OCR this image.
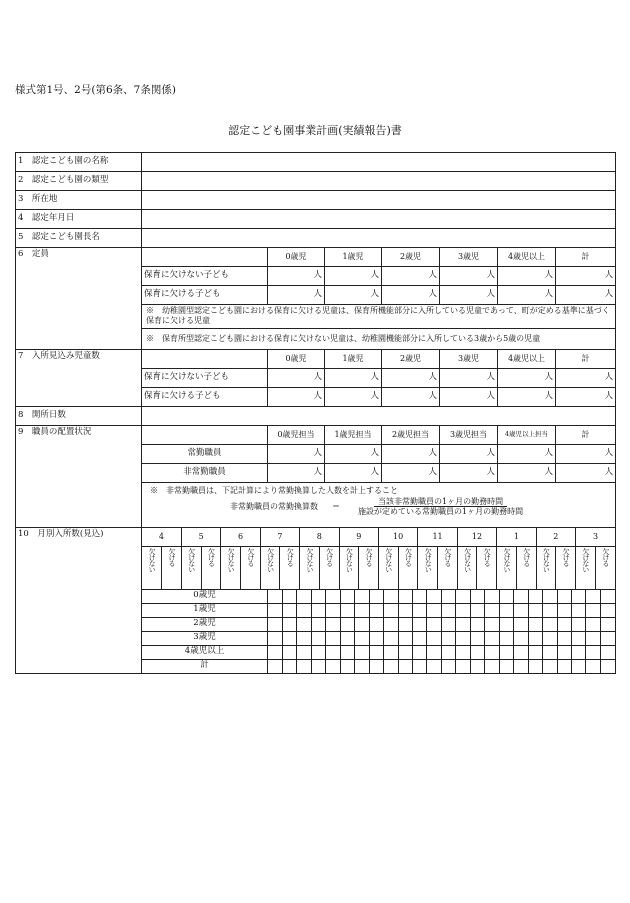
様式第1号、2号(第6条、7条関係)
認定こども園事業計画(実績報告)書
1　認定こども園の名称	
2　認定こども園の類型	
3　所在地	
4　認定年月日	
5　認定こども園長名	
6　定員		0歳児	1歳児	2歳児	3歳児	4歳児以上	計
保育に欠けない子ども	人	人	人	人	人	人
保育に欠ける子ども	人	人	人	人	人	人
※　幼稚園型認定こども園における保育に欠ける児童は、保育所機能部分に入所している児童であって、町が定める基準に基づく保育に欠ける児童
※　保育所型認定こども園における保育に欠けない児童は、幼稚園機能部分に入所している3歳から5歳の児童
7　入所見込み児童数		0歳児	1歳児	2歳児	3歳児	4歳児以上	計
保育に欠けない子ども	人	人	人	人	人	人
保育に欠ける子ども	人	人	人	人	人	人
8　開所日数	
9　職員の配置状況		0歳児担当	1歳児担当	2歳児担当	3歳児担当	4歳児以上担当	計
常勤職員	人	人	人	人	人	人
非常勤職員	人	人	人	人	人	人

※　非常勤職員は、下記計算により常勤換算した人数を計上すること
非常勤職員の常勤換算数 ＝ $\frac{\text{当該非常勤職員の1ヶ月の勤務時間}}{\text{施設が定めている常勤職員の1ヶ月の勤務時間}}$

10　月別入所数(見込)		4	5	6	7	8	9	10	11	12	1	2	3
欠けない	欠ける	欠けない	欠ける	欠けない	欠ける	欠けない	欠ける	欠けない	欠ける	欠けない	欠ける	欠けない	欠ける	欠けない	欠ける	欠けない	欠ける	欠けない	欠ける	欠けない	欠ける	欠けない	欠ける

0歳児	

1歳児	

2歳児	

3歳児	

4歳児以上	

計	
